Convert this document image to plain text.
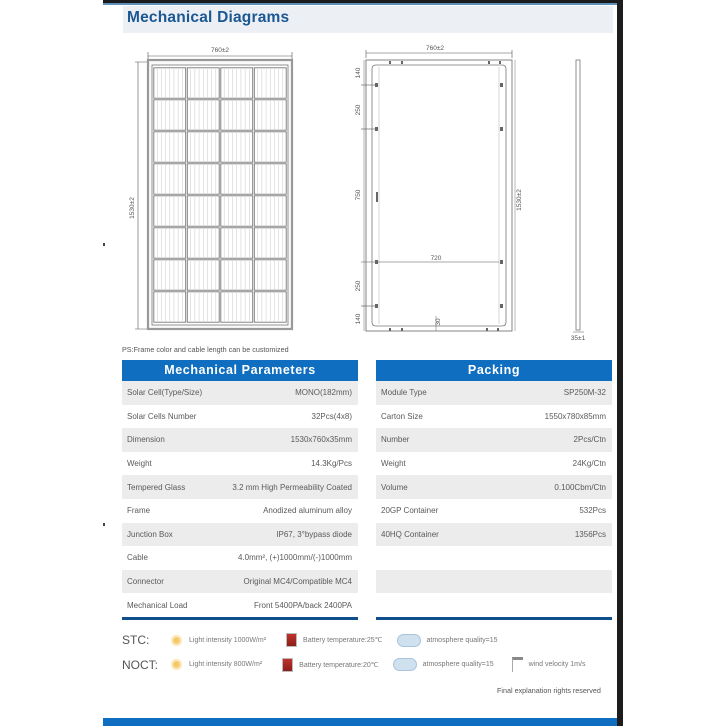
Mechanical Diagrams
760±2
1530±2
760±2
140
250
750
250
140
720
30
1530±2
35±1
PS:Frame color and cable length can be customized
Mechanical Parameters
Solar Cell(Type/Size)	MONO(182mm)
Solar Cells Number	32Pcs(4x8)
Dimension	1530x760x35mm
Weight	14.3Kg/Pcs
Tempered Glass	3.2 mm High Permeability Coated
Frame	Anodized aluminum alloy
Junction Box	IP67, 3°bypass diode
Cable	4.0mm², (+)1000mm/(-)1000mm
Connector	Original MC4/Compatible MC4
Mechanical Load	Front 5400PA/back 2400PA
Packing
Module Type	SP250M-32
Carton Size	1550x780x85mm
Number	2Pcs/Ctn
Weight	24Kg/Ctn
Volume	0.100Cbm/Ctn
20GP Container	532Pcs
40HQ Container	1356Pcs
STC:	Light intensity 1000W/m²	Battery temperature:25℃	atmosphere quality=15
NOCT:	Light intensity 800W/m²	Battery temperature:20℃	atmosphere quality=15	wind velocity 1m/s
Final explanation rights reserved
